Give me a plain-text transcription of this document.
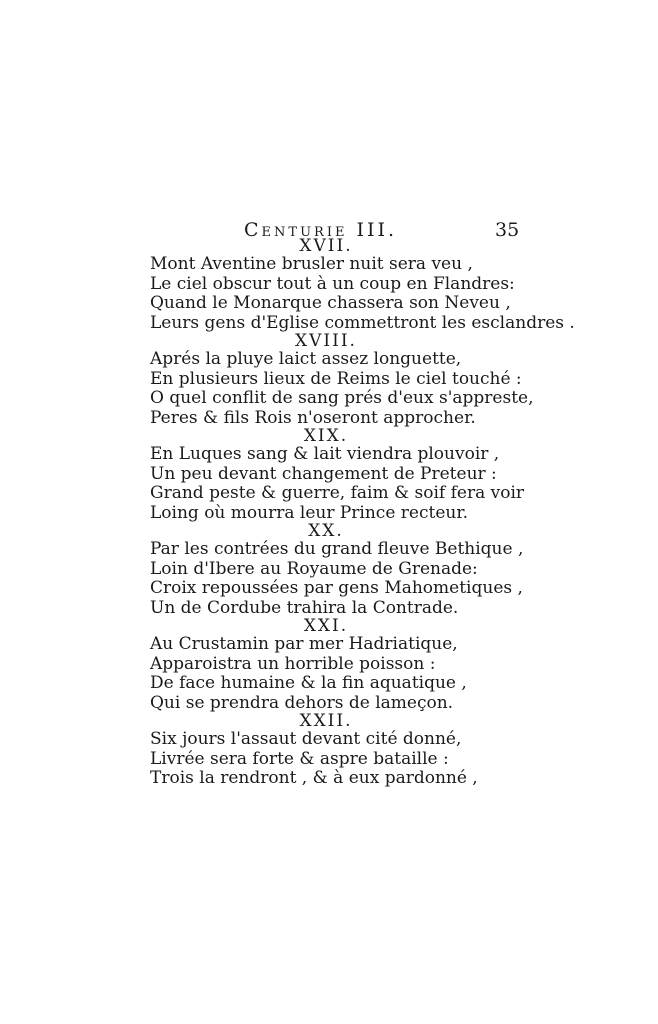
Centurie III.	35
XVII.
Mont Aventine brusler nuit sera veu ,
Le ciel obscur tout à un coup en Flandres:
Quand le Monarque chassera son Neveu ,
Leurs gens d'Eglise commettront les esclandres .
XVIII.
Aprés la pluye laict assez longuette,
En plusieurs lieux de Reims le ciel touché :
O quel conflit de sang prés d'eux s'appreste,
Peres & fils Rois n'oseront approcher.
XIX.
En Luques sang & lait viendra plouvoir ,
Un peu devant changement de Preteur :
Grand peste & guerre, faim & soif fera voir
Loing où mourra leur Prince recteur.
XX.
Par les contrées du grand fleuve Bethique ,
Loin d'Ibere au Royaume de Grenade:
Croix repoussées par gens Mahometiques ,
Un de Cordube trahira la Contrade.
XXI.
Au Crustamin par mer Hadriatique,
Apparoistra un horrible poisson :
De face humaine & la fin aquatique ,
Qui se prendra dehors de lameçon.
XXII.
Six jours l'assaut devant cité donné,
Livrée sera forte & aspre bataille :
Trois la rendront , & à eux pardonné ,
